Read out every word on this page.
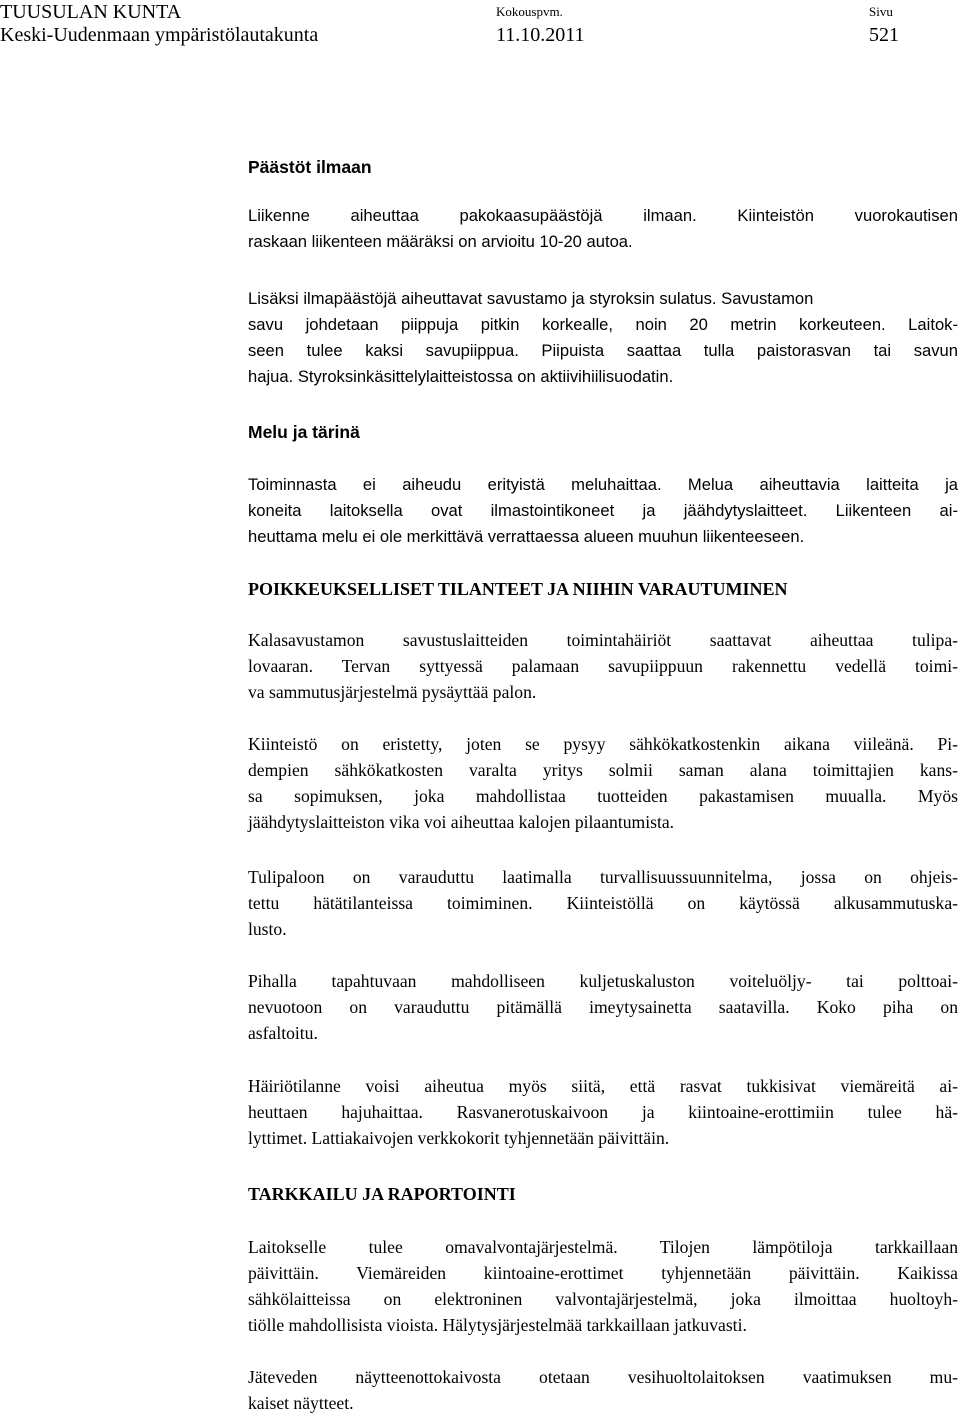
TUUSULAN KUNTA
Keski-Uudenmaan ympäristölautakunta
Kokouspvm.
11.10.2011
Sivu
521
Päästöt ilmaan
Liikenne aiheuttaa pakokaasupäästöjä ilmaan. Kiinteistön vuorokautisen
raskaan liikenteen määräksi on arvioitu 10-20 autoa.
Lisäksi ilmapäästöjä aiheuttavat savustamo ja styroksin sulatus. Savustamon
savu johdetaan piippuja pitkin korkealle, noin 20 metrin korkeuteen. Laitok-
seen tulee kaksi savupiippua. Piipuista saattaa tulla paistorasvan tai savun
hajua. Styroksinkäsittelylaitteistossa on aktiivihiilisuodatin.
Melu ja tärinä
Toiminnasta ei aiheudu erityistä meluhaittaa. Melua aiheuttavia laitteita ja
koneita laitoksella ovat ilmastointikoneet ja jäähdytyslaitteet. Liikenteen ai-
heuttama melu ei ole merkittävä verrattaessa alueen muuhun liikenteeseen.
POIKKEUKSELLISET TILANTEET JA NIIHIN VARAUTUMINEN
Kalasavustamon savustuslaitteiden toimintahäiriöt saattavat aiheuttaa tulipa-
lovaaran. Tervan syttyessä palamaan savupiippuun rakennettu vedellä toimi-
va sammutusjärjestelmä pysäyttää palon.
Kiinteistö on eristetty, joten se pysyy sähkökatkostenkin aikana viileänä. Pi-
dempien sähkökatkosten varalta yritys solmii saman alana toimittajien kans-
sa sopimuksen, joka mahdollistaa tuotteiden pakastamisen muualla. Myös
jäähdytyslaitteiston vika voi aiheuttaa kalojen pilaantumista.
Tulipaloon on varauduttu laatimalla turvallisuussuunnitelma, jossa on ohjeis-
tettu hätätilanteissa toimiminen. Kiinteistöllä on käytössä alkusammutuska-
lusto.
Pihalla tapahtuvaan mahdolliseen kuljetuskaluston voiteluöljy- tai polttoai-
nevuotoon on varauduttu pitämällä imeytysainetta saatavilla. Koko piha on
asfaltoitu.
Häiriötilanne voisi aiheutua myös siitä, että rasvat tukkisivat viemäreitä ai-
heuttaen hajuhaittaa. Rasvanerotuskaivoon ja kiintoaine-erottimiin tulee hä-
lyttimet. Lattiakaivojen verkkokorit tyhjennetään päivittäin.
TARKKAILU JA RAPORTOINTI
Laitokselle tulee omavalvontajärjestelmä. Tilojen lämpötiloja tarkkaillaan
päivittäin. Viemäreiden kiintoaine-erottimet tyhjennetään päivittäin. Kaikissa
sähkölaitteissa on elektroninen valvontajärjestelmä, joka ilmoittaa huoltoyh-
tiölle mahdollisista vioista. Hälytysjärjestelmää tarkkaillaan jatkuvasti.
Jäteveden näytteenottokaivosta otetaan vesihuoltolaitoksen vaatimuksen mu-
kaiset näytteet.
